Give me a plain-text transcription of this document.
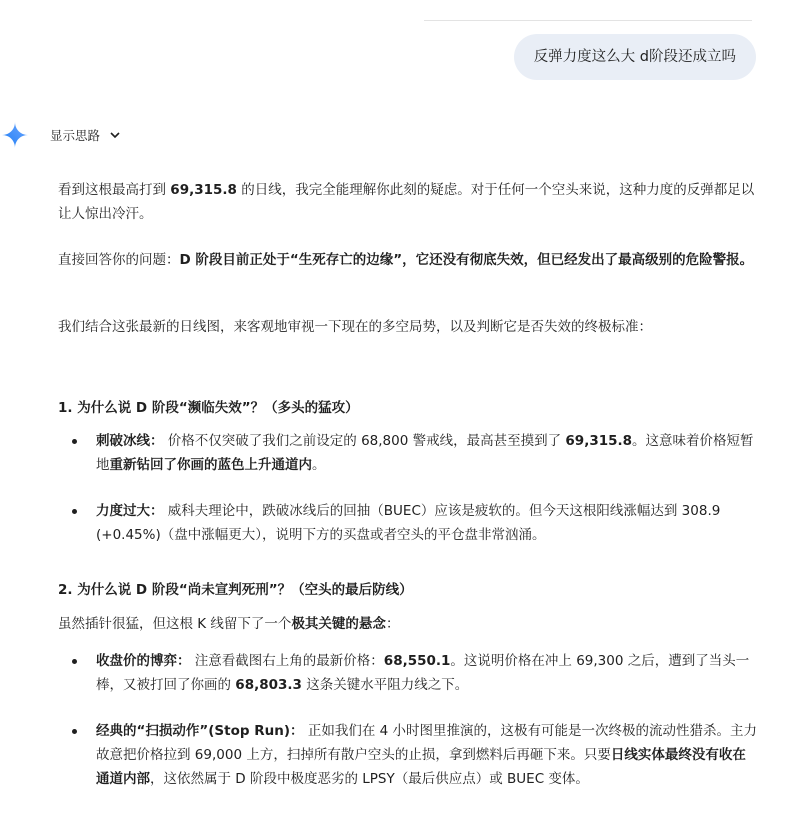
反弹力度这么大 d阶段还成立吗
显示思路

看到这根最高打到 69,315.8 的日线，我完全能理解你此刻的疑虑。对于任何一个空头来说，这种力度的反弹都足以让人惊出冷汗。

直接回答你的问题：D 阶段目前正处于“生死存亡的边缘”，它还没有彻底失效，但已经发出了最高级别的危险警报。

我们结合这张最新的日线图，来客观地审视一下现在的多空局势，以及判断它是否失效的终极标准：

1. 为什么说 D 阶段“濒临失效”？（多头的猛攻）

刺破冰线： 价格不仅突破了我们之前设定的 68,800 警戒线，最高甚至摸到了 69,315.8。这意味着价格短暂地重新钻回了你画的蓝色上升通道内。
力度过大： 威科夫理论中，跌破冰线后的回抽（BUEC）应该是疲软的。但今天这根阳线涨幅达到 308.9 (+0.45%)（盘中涨幅更大），说明下方的买盘或者空头的平仓盘非常汹涌。

2. 为什么说 D 阶段“尚未宣判死刑”？（空头的最后防线）

虽然插针很猛，但这根 K 线留下了一个极其关键的悬念：

收盘价的博弈： 注意看截图右上角的最新价格：68,550.1。这说明价格在冲上 69,300 之后，遭到了当头一棒，又被打回了你画的 68,803.3 这条关键水平阻力线之下。
经典的“扫损动作”(Stop Run)： 正如我们在 4 小时图里推演的，这极有可能是一次终极的流动性猎杀。主力故意把价格拉到 69,000 上方，扫掉所有散户空头的止损，拿到燃料后再砸下来。只要日线实体最终没有收在通道内部，这依然属于 D 阶段中极度恶劣的 LPSY（最后供应点）或 BUEC 变体。
